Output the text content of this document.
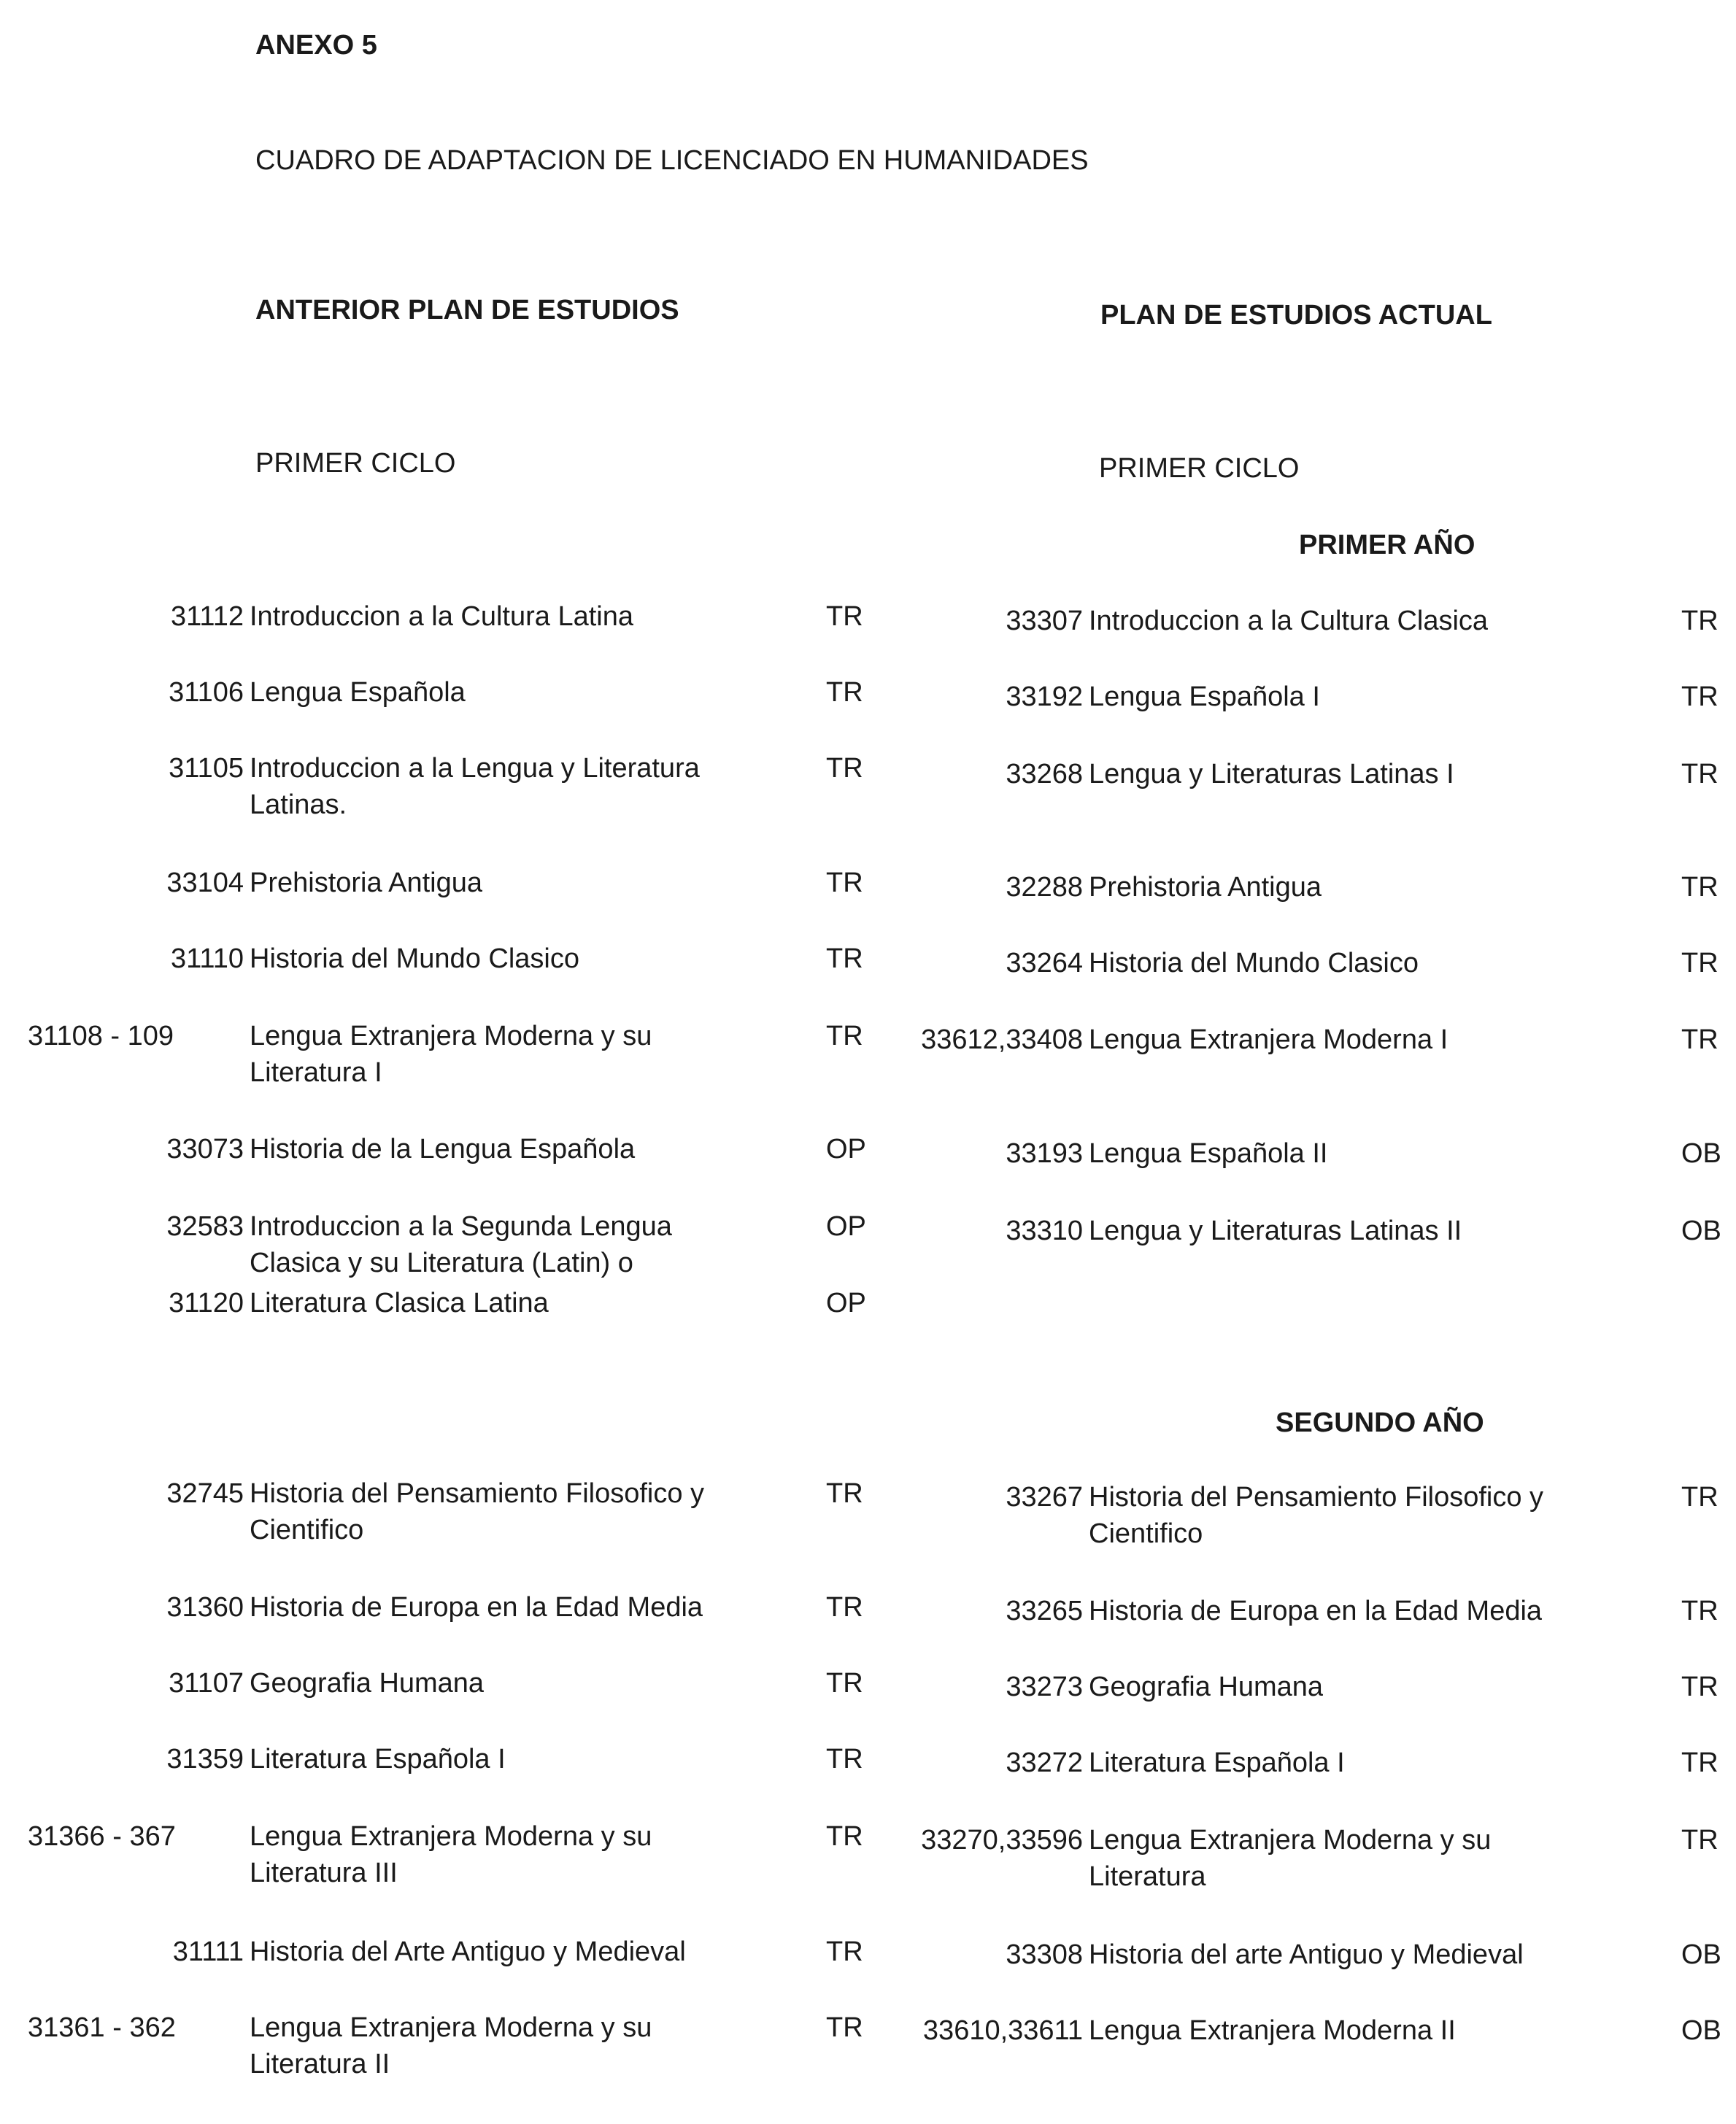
ANEXO 5
CUADRO DE ADAPTACION DE LICENCIADO EN HUMANIDADES
ANTERIOR PLAN DE ESTUDIOS	PLAN DE ESTUDIOS ACTUAL
PRIMER CICLO	PRIMER CICLO
PRIMER AÑO
SEGUNDO AÑO
31112 Introduccion a la Cultura Latina	TR
31106 Lengua Española	TR
31105 Introduccion a la Lengua y Literatura
Latinas.
TR
33104 Prehistoria Antigua	TR
31110 Historia del Mundo Clasico	TR
31108 - 109	Lengua Extranjera Moderna y su
Literatura I
TR
33073 Historia de la Lengua Española	OP
32583 Introduccion a la Segunda Lengua
Clasica y su Literatura (Latin) o
OP
31120 Literatura Clasica Latina	OP
32745 Historia del Pensamiento Filosofico y
Cientifico
TR
31360 Historia de Europa en la Edad Media	TR
31107 Geografia Humana	TR
31359 Literatura Española I	TR
31366 - 367	Lengua Extranjera Moderna y su
Literatura III
TR
31111 Historia del Arte Antiguo y Medieval	TR
31361 - 362	Lengua Extranjera Moderna y su
Literatura II
TR
33307 Introduccion a la Cultura Clasica	TR
33192 Lengua Española I	TR
33268 Lengua y Literaturas Latinas I	TR
32288 Prehistoria Antigua	TR
33264 Historia del Mundo Clasico	TR
33612,33408 Lengua Extranjera Moderna I	TR
33193 Lengua Española II	OB
33310 Lengua y Literaturas Latinas II	OB
33267 Historia del Pensamiento Filosofico y
Cientifico
TR
33265 Historia de Europa en la Edad Media	TR
33273 Geografia Humana	TR
33272 Literatura Española I	TR
33270,33596 Lengua Extranjera Moderna y su
Literatura
TR
33308 Historia del arte Antiguo y Medieval	OB
33610,33611 Lengua Extranjera Moderna II	OB
